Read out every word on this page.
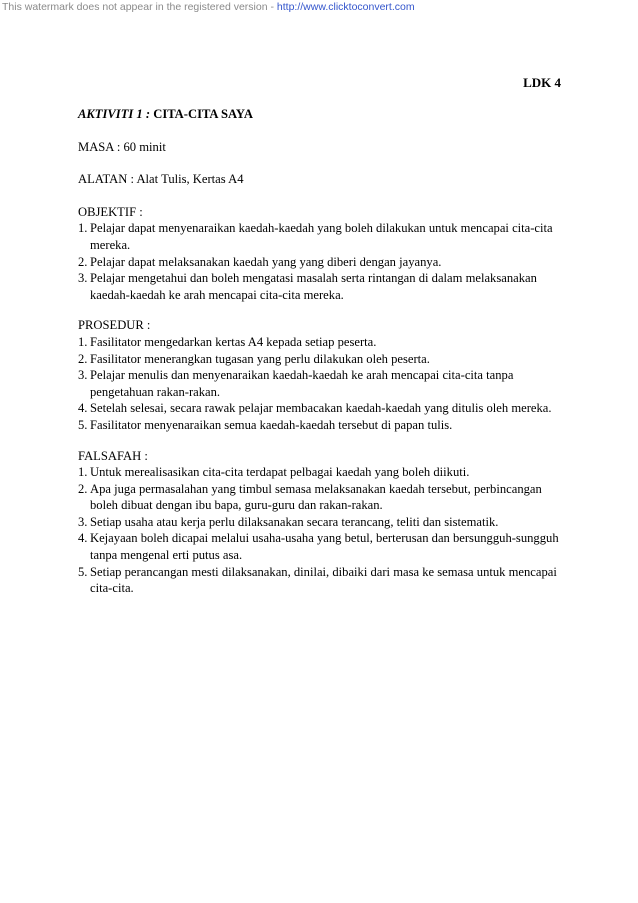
This watermark does not appear in the registered version - http://www.clicktoconvert.com
LDK 4

AKTIVITI 1 : CITA-CITA SAYA

MASA : 60 minit

ALATAN : Alat Tulis, Kertas A4

OBJEKTIF :

1. Pelajar dapat menyenaraikan kaedah-kaedah yang boleh dilakukan untuk mencapai cita-cita mereka.
2. Pelajar dapat melaksanakan kaedah yang yang diberi dengan jayanya.
3. Pelajar mengetahui dan boleh mengatasi masalah serta rintangan di dalam melaksanakan kaedah-kaedah ke arah mencapai cita-cita mereka.

PROSEDUR :

1. Fasilitator mengedarkan kertas A4 kepada setiap peserta.
2. Fasilitator menerangkan tugasan yang perlu dilakukan oleh peserta.
3. Pelajar menulis dan menyenaraikan kaedah-kaedah ke arah mencapai cita-cita tanpa pengetahuan rakan-rakan.
4. Setelah selesai, secara rawak pelajar membacakan kaedah-kaedah yang ditulis oleh mereka.
5. Fasilitator menyenaraikan semua kaedah-kaedah tersebut di papan tulis.

FALSAFAH :

1. Untuk merealisasikan cita-cita terdapat pelbagai kaedah yang boleh diikuti.
2. Apa juga permasalahan yang timbul semasa melaksanakan kaedah tersebut, perbincangan boleh dibuat dengan ibu bapa, guru-guru dan rakan-rakan.
3. Setiap usaha atau kerja perlu dilaksanakan secara terancang, teliti dan sistematik.
4. Kejayaan boleh dicapai melalui usaha-usaha yang betul, berterusan dan bersungguh-sungguh tanpa mengenal erti putus asa.
5. Setiap perancangan mesti dilaksanakan, dinilai, dibaiki dari masa ke semasa untuk mencapai cita-cita.
